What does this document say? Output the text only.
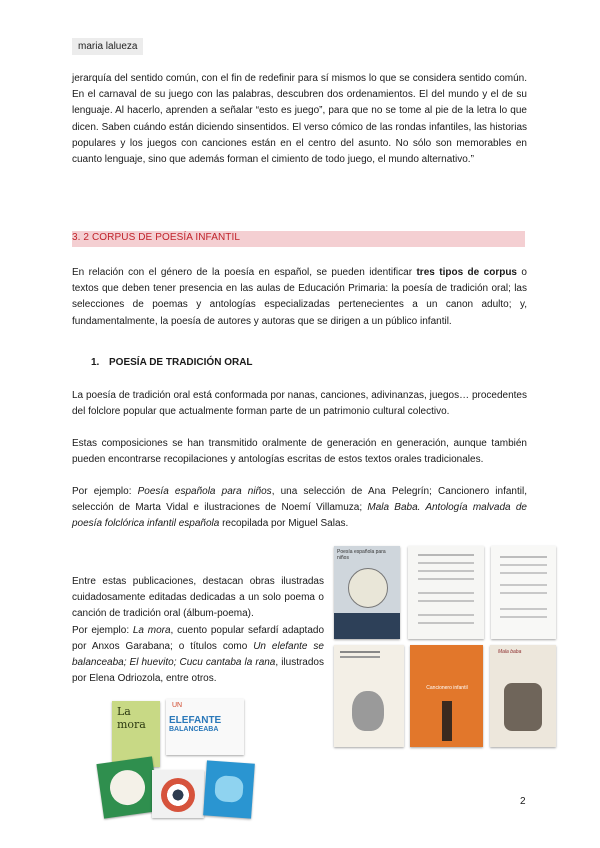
maria lalueza
jerarquía del sentido común, con el fin de redefinir para sí mismos lo que se considera sentido común. En el carnaval de su juego con las palabras, descubren dos ordenamientos. El del mundo y el de su lenguaje. Al hacerlo, aprenden a señalar “esto es juego”, para que no se tome al pie de la letra lo que dicen. Saben cuándo están diciendo sinsentidos. El verso cómico de las rondas infantiles, las historias populares y los juegos con canciones están en el centro del asunto. No sólo son memorables en cuanto lenguaje, sino que además forman el cimiento de todo juego, el mundo alternativo.”
3. 2 CORPUS DE POESÍA INFANTIL
En relación con el género de la poesía en español, se pueden identificar tres tipos de corpus o textos que deben tener presencia en las aulas de Educación Primaria: la poesía de tradición oral; las selecciones de poemas y antologías especializadas pertenecientes a un canon adulto; y, fundamentalmente, la poesía de autores y autoras que se dirigen a un público infantil.
1. POESÍA DE TRADICIÓN ORAL
La poesía de tradición oral está conformada por nanas, canciones, adivinanzas, juegos… procedentes del folclore popular que actualmente forman parte de un patrimonio cultural colectivo.
Estas composiciones se han transmitido oralmente de generación en generación, aunque también pueden encontrarse recopilaciones y antologías escritas de estos textos orales tradicionales.
Por ejemplo: Poesía española para niños, una selección de Ana Pelegrín; Cancionero infantil, selección de Marta Vidal e ilustraciones de Noemí Villamuza; Mala Baba. Antología malvada de poesía folclórica infantil española recopilada por Miguel Salas.
Entre estas publicaciones, destacan obras ilustradas cuidadosamente editadas dedicadas a un solo poema o canción de tradición oral (álbum-poema).
Por ejemplo: La mora, cuento popular sefardí adaptado por Anxos Garabana; o títulos como Un elefante se balanceaba; El huevito; Cucu cantaba la rana, ilustrados por Elena Odriozola, entre otros.
Poesía española para niños
Cancionero infantil
Mala baba
La mora
UN
ELEFANTE
BALANCEABA
2
